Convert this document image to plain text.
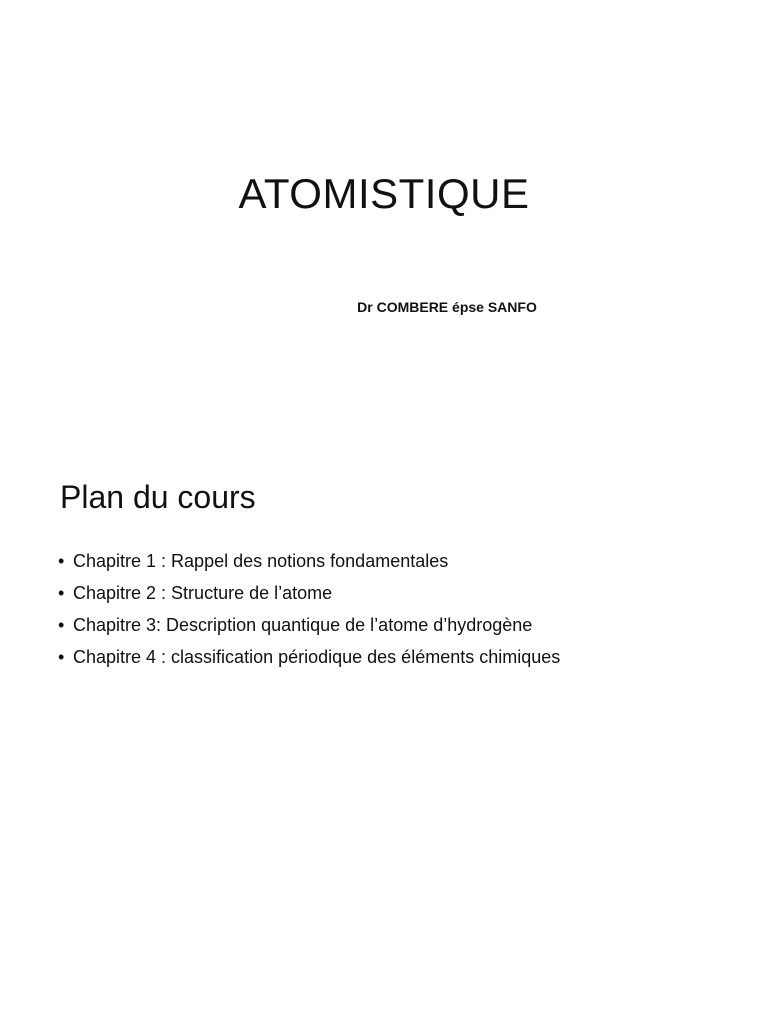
ATOMISTIQUE

Dr COMBERE épse SANFO

Plan du cours
• Chapitre 1 : Rappel des notions fondamentales
• Chapitre 2 : Structure de l’atome
• Chapitre 3: Description quantique de l’atome d’hydrogène
• Chapitre 4 : classification périodique des éléments chimiques
